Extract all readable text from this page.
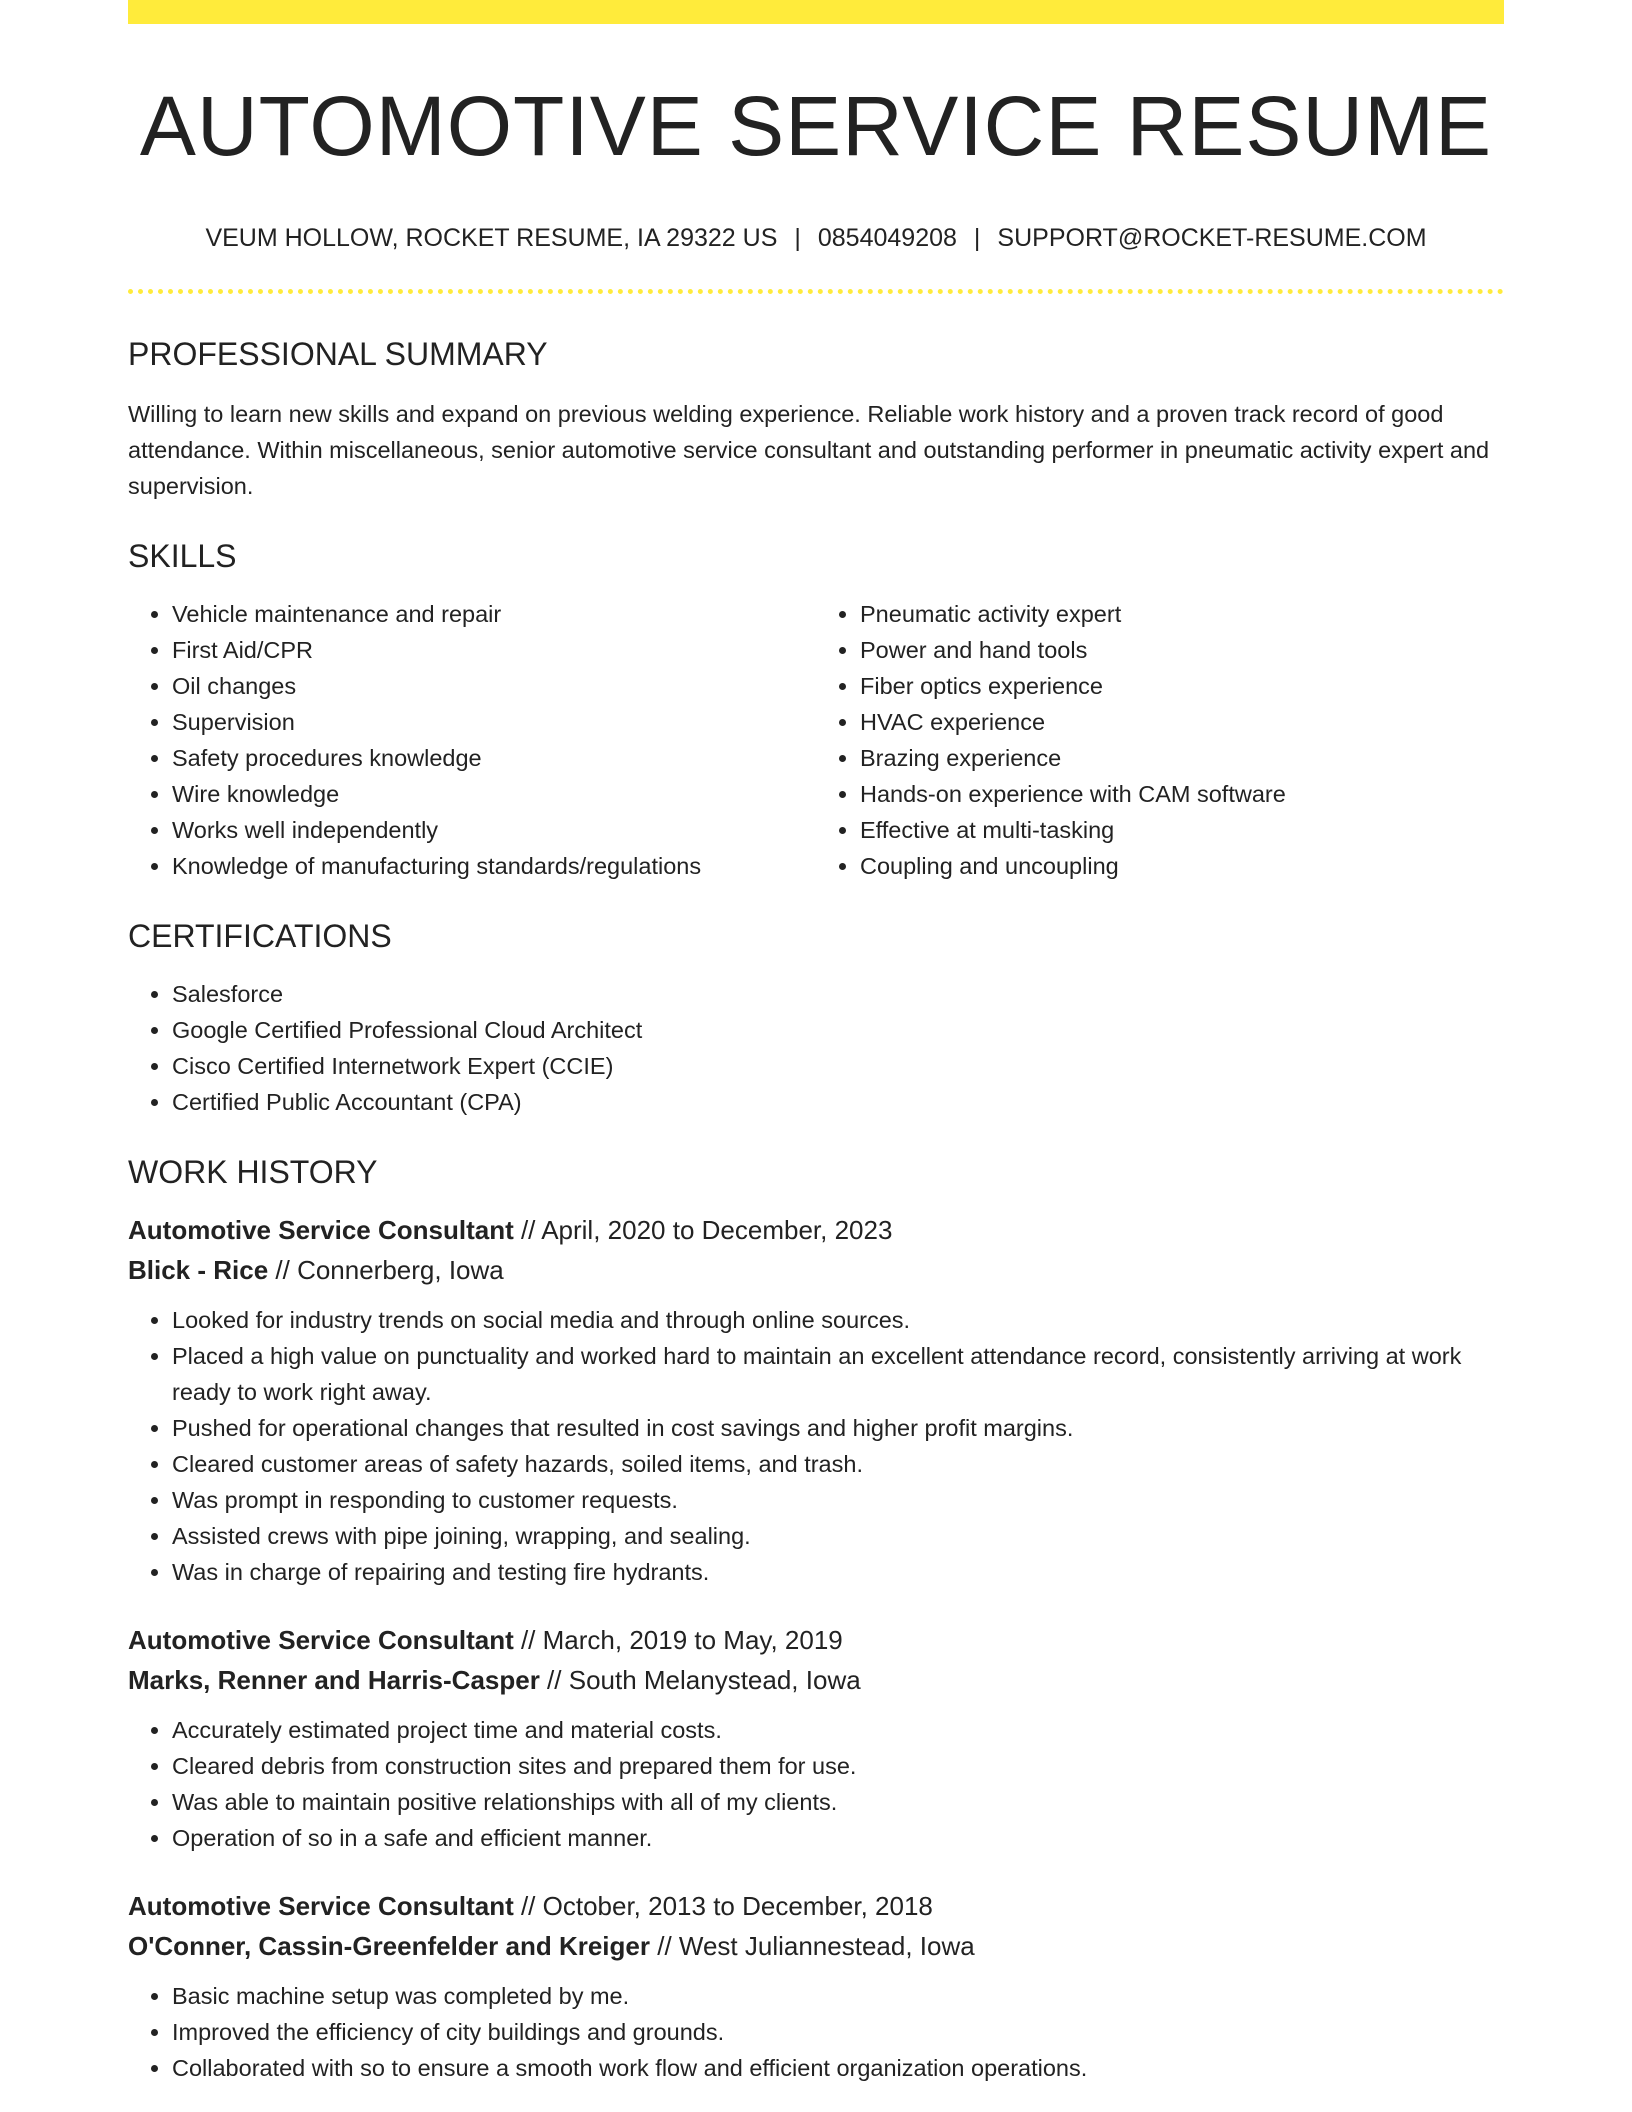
AUTOMOTIVE SERVICE RESUME
VEUM HOLLOW, ROCKET RESUME, IA 29322 US | 0854049208 | SUPPORT@ROCKET-RESUME.COM
PROFESSIONAL SUMMARY

Willing to learn new skills and expand on previous welding experience. Reliable work history and a proven track record of good attendance. Within miscellaneous, senior automotive service consultant and outstanding performer in pneumatic activity expert and supervision.

SKILLS
• Vehicle maintenance and repair
• First Aid/CPR
• Oil changes
• Supervision
• Safety procedures knowledge
• Wire knowledge
• Works well independently
• Knowledge of manufacturing standards/regulations
• Pneumatic activity expert
• Power and hand tools
• Fiber optics experience
• HVAC experience
• Brazing experience
• Hands-on experience with CAM software
• Effective at multi-tasking
• Coupling and uncoupling
CERTIFICATIONS
• Salesforce
• Google Certified Professional Cloud Architect
• Cisco Certified Internetwork Expert (CCIE)
• Certified Public Accountant (CPA)
WORK HISTORY

Automotive Service Consultant // April, 2020 to December, 2023

Blick - Rice // Connerberg, Iowa

• Looked for industry trends on social media and through online sources.
• Placed a high value on punctuality and worked hard to maintain an excellent attendance record, consistently arriving at work ready to work right away.
• Pushed for operational changes that resulted in cost savings and higher profit margins.
• Cleared customer areas of safety hazards, soiled items, and trash.
• Was prompt in responding to customer requests.
• Assisted crews with pipe joining, wrapping, and sealing.
• Was in charge of repairing and testing fire hydrants.

Automotive Service Consultant // March, 2019 to May, 2019

Marks, Renner and Harris-Casper // South Melanystead, Iowa

• Accurately estimated project time and material costs.
• Cleared debris from construction sites and prepared them for use.
• Was able to maintain positive relationships with all of my clients.
• Operation of so in a safe and efficient manner.

Automotive Service Consultant // October, 2013 to December, 2018

O'Conner, Cassin-Greenfelder and Kreiger // West Juliannestead, Iowa

• Basic machine setup was completed by me.
• Improved the efficiency of city buildings and grounds.
• Collaborated with so to ensure a smooth work flow and efficient organization operations.
